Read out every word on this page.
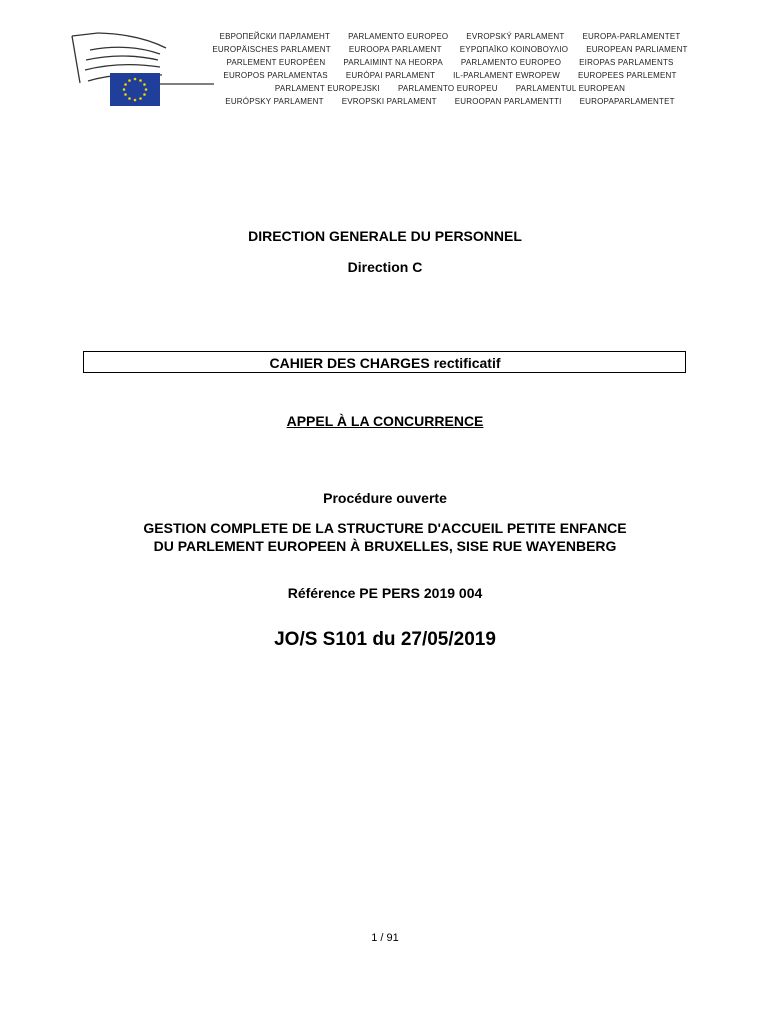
ЕВРОПЕЙСКИ ПАРЛАМЕНТ PARLAMENTO EUROPEO EVROPSKÝ PARLAMENT EUROPA-PARLAMENTET
EUROPÄISCHES PARLAMENT EUROOPA PARLAMENT ΕΥΡΩΠΑΪΚΟ ΚΟΙΝΟΒΟΥΛΙΟ EUROPEAN PARLIAMENT
PARLEMENT EUROPÉEN PARLAIMINT NA HEORPA PARLAMENTO EUROPEO EIROPAS PARLAMENTS
EUROPOS PARLAMENTAS EURÓPAI PARLAMENT IL-PARLAMENT EWROPEW EUROPEES PARLEMENT
PARLAMENT EUROPEJSKI PARLAMENTO EUROPEU PARLAMENTUL EUROPEAN
EURÓPSKY PARLAMENT EVROPSKI PARLAMENT EUROOPAN PARLAMENTTI EUROPAPARLAMENTET
DIRECTION GENERALE DU PERSONNEL
Direction C
CAHIER DES CHARGES rectificatif
APPEL À LA CONCURRENCE
Procédure ouverte
GESTION COMPLETE DE LA STRUCTURE D'ACCUEIL PETITE ENFANCE
DU PARLEMENT EUROPEEN À BRUXELLES, SISE RUE WAYENBERG
Référence PE PERS 2019 004
JO/S S101 du 27/05/2019
1 / 91
